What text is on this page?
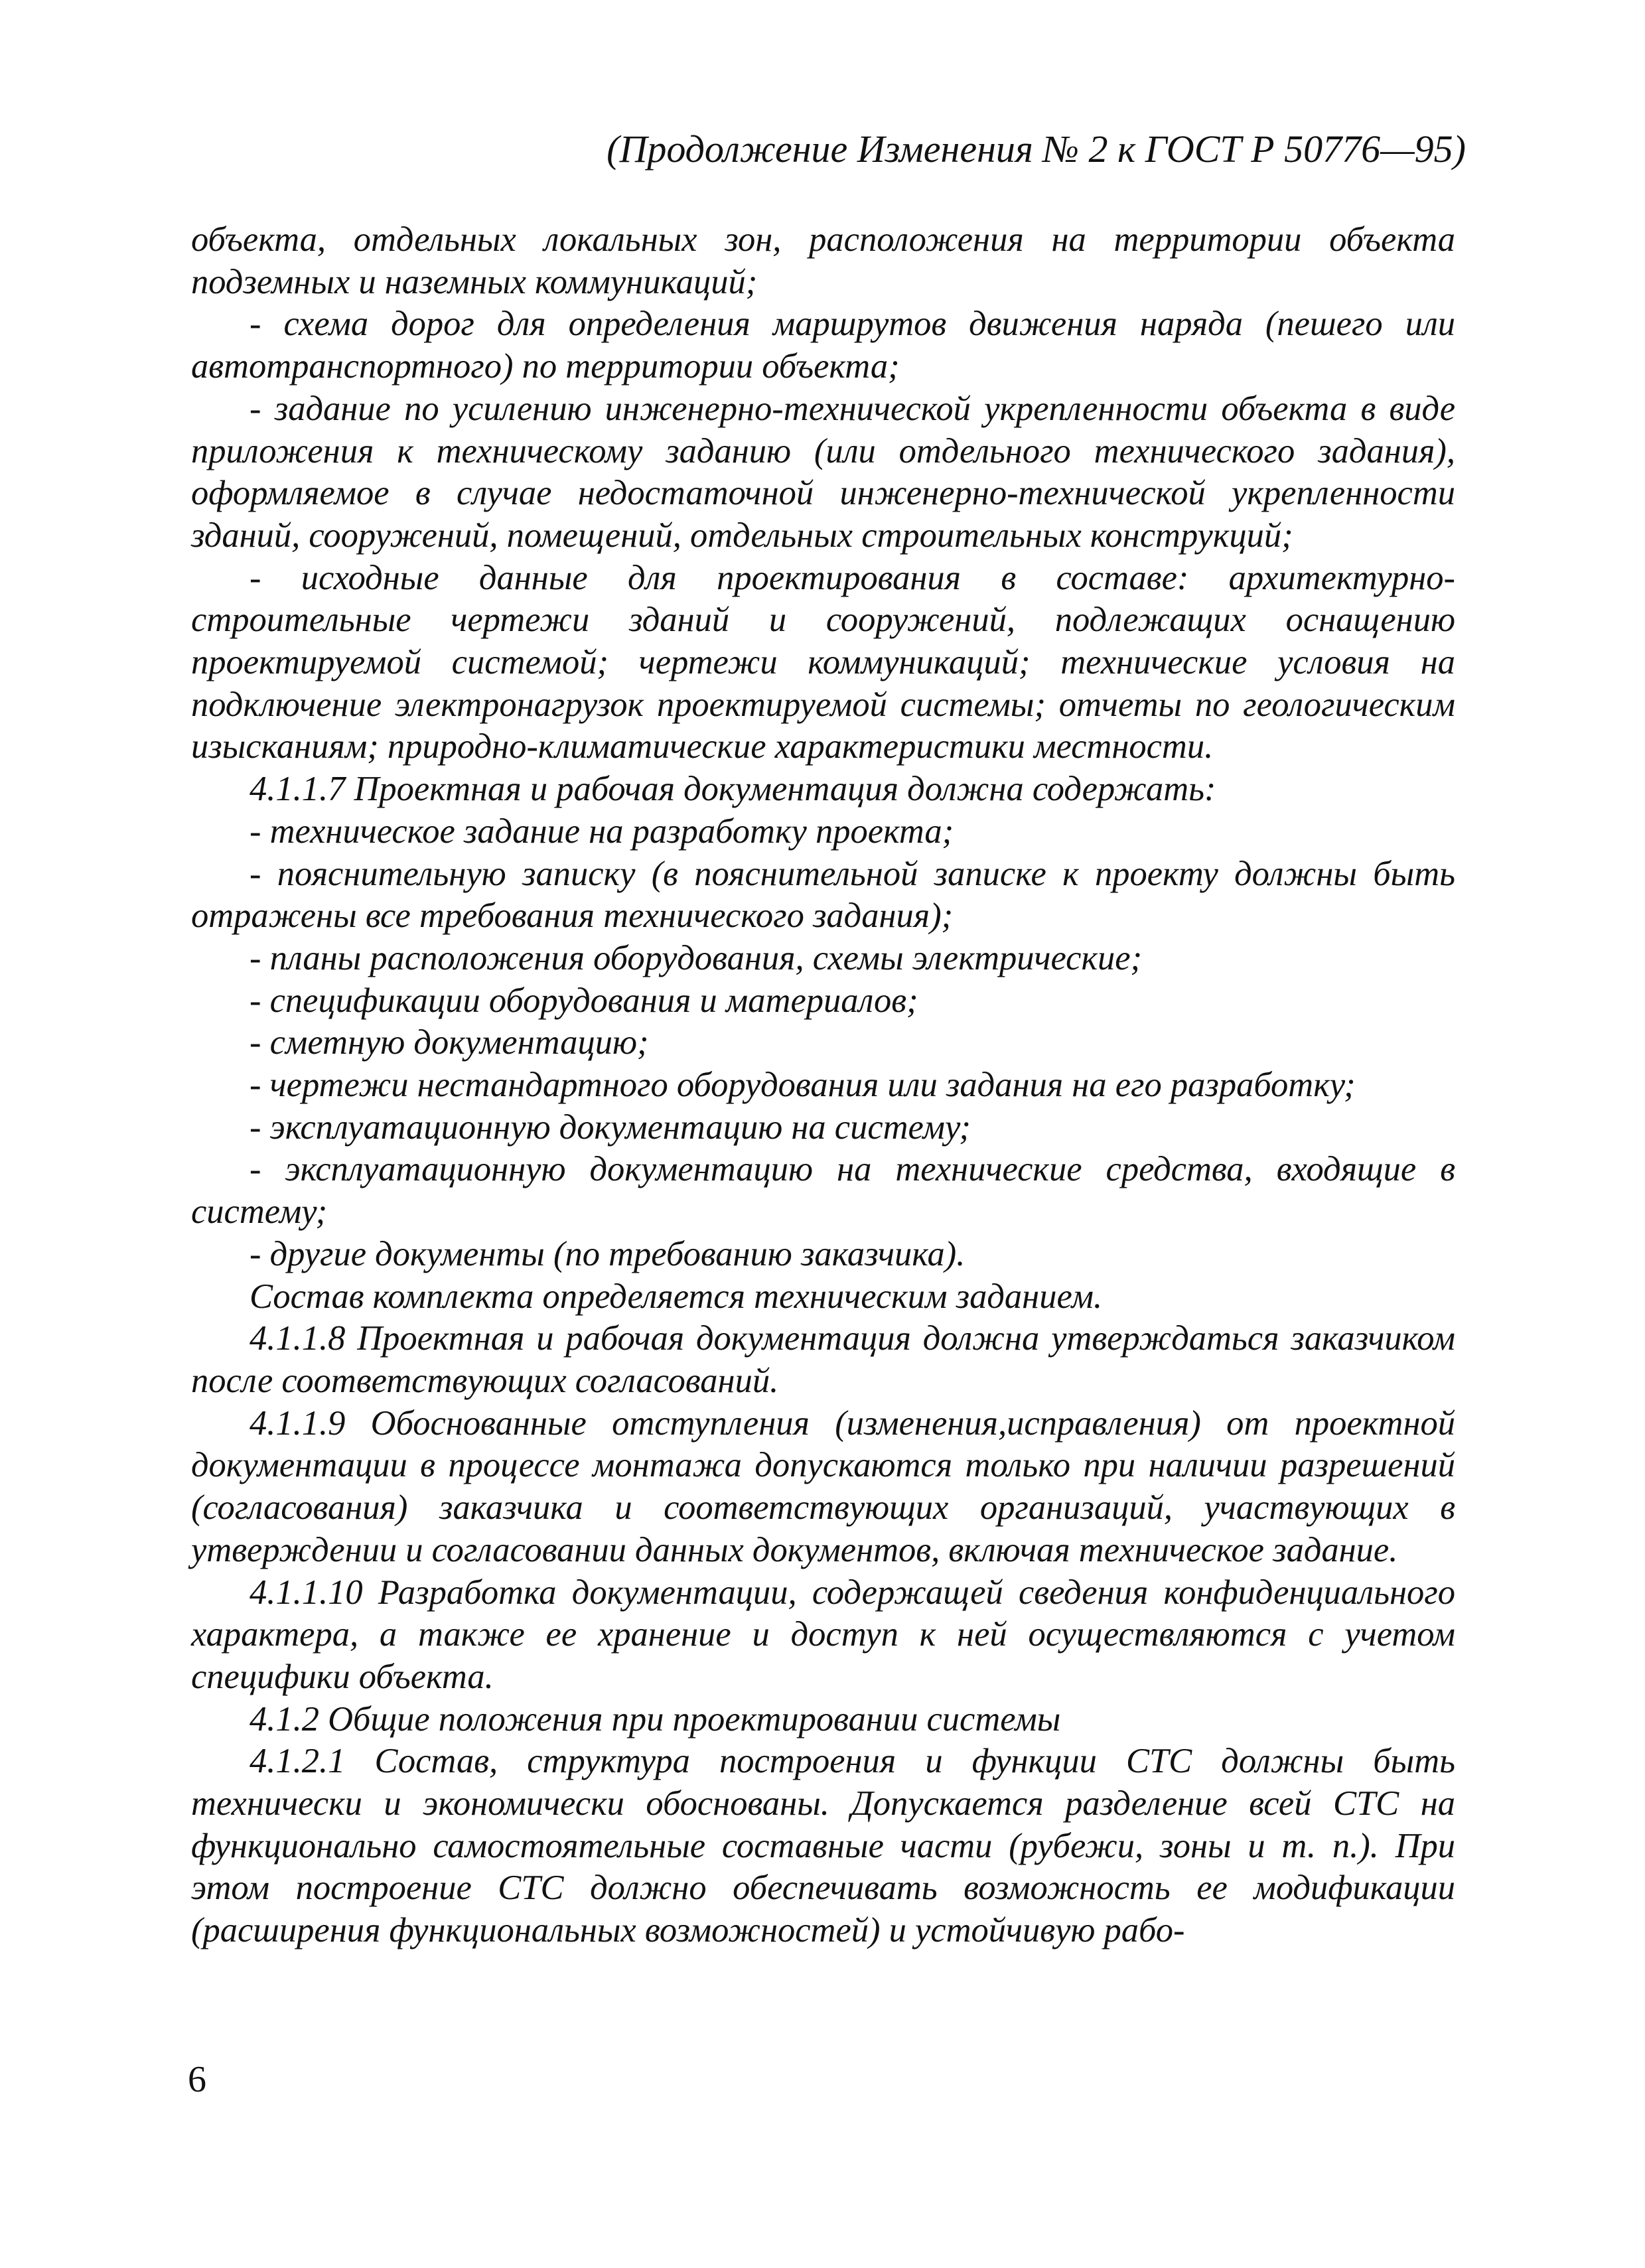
(Продолжение Изменения № 2 к ГОСТ Р 50776—95)

объекта, отдельных локальных зон, расположения на территории объекта подземных и наземных коммуникаций;

- схема дорог для определения маршрутов движения наряда (пешего или автотранспортного) по территории объекта;

- задание по усилению инженерно-технической укрепленности объекта в виде приложения к техническому заданию (или отдельного технического задания), оформляемое в случае недостаточной инженерно-технической укрепленности зданий, сооружений, помещений, отдельных строительных конструкций;

- исходные данные для проектирования в составе: архитектурно-строительные чертежи зданий и сооружений, подлежащих оснащению проектируемой системой; чертежи коммуникаций; технические условия на подключение электронагрузок проектируемой системы; отчеты по геологическим изысканиям; природно-климатические характеристики местности.

4.1.1.7 Проектная и рабочая документация должна содержать:

- техническое задание на разработку проекта;

- пояснительную записку (в пояснительной записке к проекту должны быть отражены все требования технического задания);

- планы расположения оборудования, схемы электрические;

- спецификации оборудования и материалов;

- сметную документацию;

- чертежи нестандартного оборудования или задания на его разработку;

- эксплуатационную документацию на систему;

- эксплуатационную документацию на технические средства, входящие в систему;

- другие документы (по требованию заказчика).

Состав комплекта определяется техническим заданием.

4.1.1.8 Проектная и рабочая документация должна утверждаться заказчиком после соответствующих согласований.

4.1.1.9 Обоснованные отступления (изменения,исправления) от проектной документации в процессе монтажа допускаются только при наличии разрешений (согласования) заказчика и соответствующих организаций, участвующих в утверждении и согласовании данных документов, включая техническое задание.

4.1.1.10 Разработка документации, содержащей сведения конфиденциального характера, а также ее хранение и доступ к ней осуществляются с учетом специфики объекта.

4.1.2 Общие положения при проектировании системы

4.1.2.1 Состав, структура построения и функции СТС должны быть технически и экономически обоснованы. Допускается разделение всей СТС на функционально самостоятельные составные части (рубежи, зоны и т. п.). При этом построение СТС должно обеспечивать возможность ее модификации (расширения функциональных возможностей) и устойчивую рабо-

6
